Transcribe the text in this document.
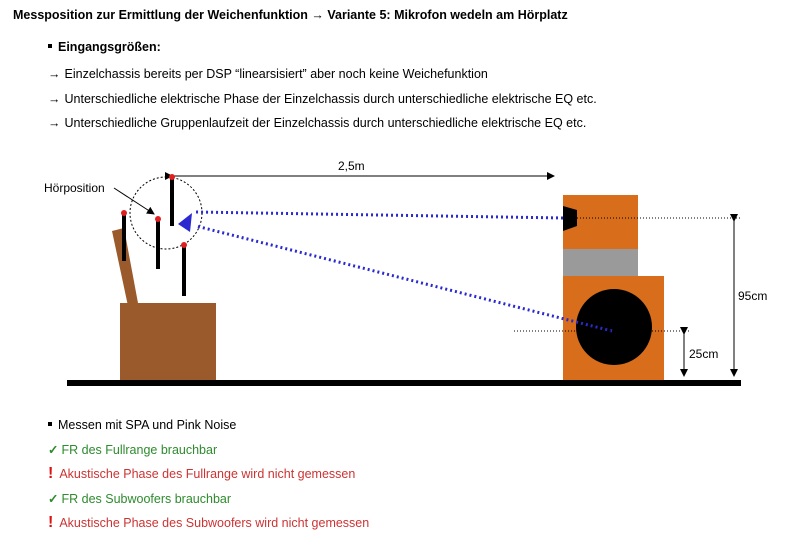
Messposition zur Ermittlung der Weichenfunktion → Variante 5: Mikrofon wedeln am Hörplatz
Eingangsgrößen:
→ Einzelchassis bereits per DSP “linearsisiert” aber noch keine Weichefunktion
→ Unterschiedliche elektrische Phase der Einzelchassis durch unterschiedliche elektrische EQ etc.
→ Unterschiedliche Gruppenlaufzeit der Einzelchassis durch unterschiedliche elektrische EQ etc.
2,5m
Hörposition
95cm
25cm
Messen mit SPA und Pink Noise
✓ FR des Fullrange brauchbar
! Akustische Phase des Fullrange wird nicht gemessen
✓ FR des Subwoofers brauchbar
! Akustische Phase des Subwoofers wird nicht gemessen
